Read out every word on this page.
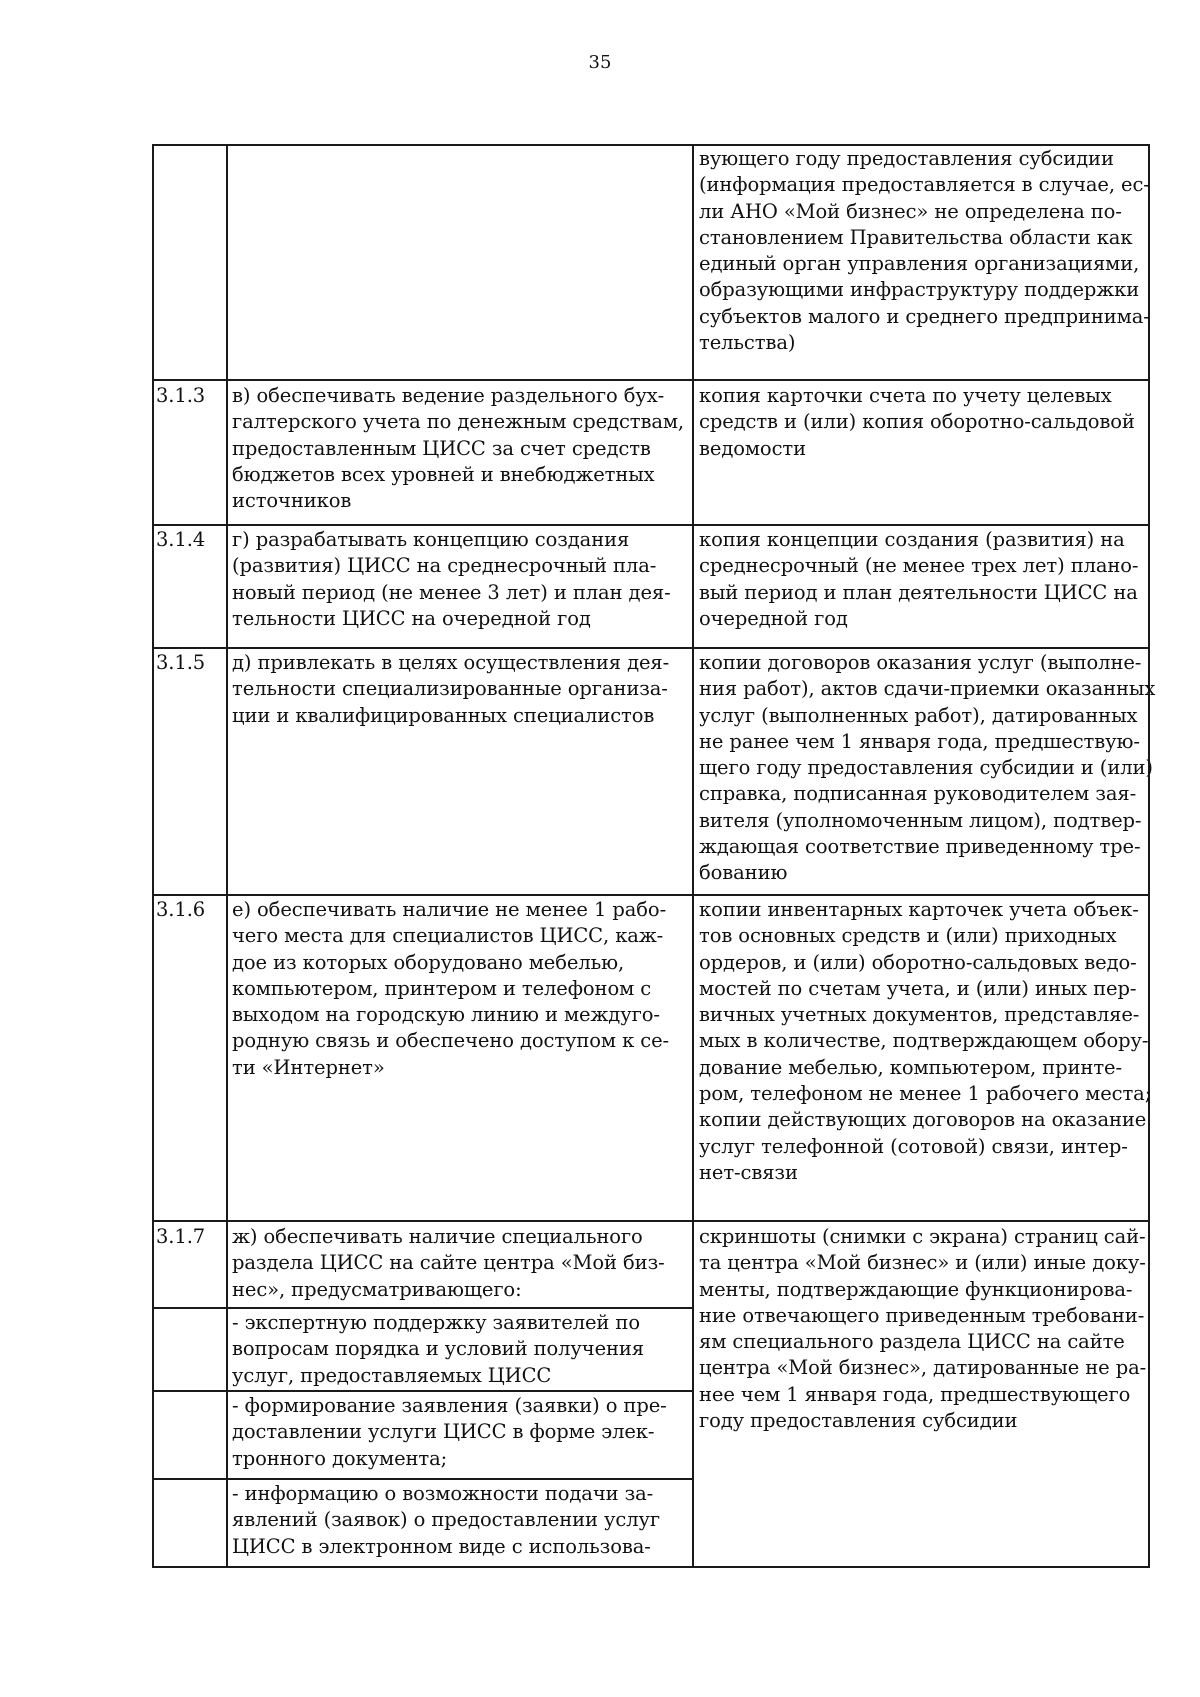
35
вующего году предоставления субсидии
(информация предоставляется в случае, ес-
ли АНО «Мой бизнес» не определена по-
становлением Правительства области как
единый орган управления организациями,
образующими инфраструктуру поддержки
субъектов малого и среднего предпринима-
тельства)
3.1.3 в) обеспечивать ведение раздельного бух-
галтерского учета по денежным средствам,
предоставленным ЦИСС за счет средств
бюджетов всех уровней и внебюджетных
источников
копия карточки счета по учету целевых
средств и (или) копия оборотно-сальдовой
ведомости
3.1.4 г) разрабатывать концепцию создания
(развития) ЦИСС на среднесрочный пла-
новый период (не менее 3 лет) и план дея-
тельности ЦИСС на очередной год
копия концепции создания (развития) на
среднесрочный (не менее трех лет) плано-
вый период и план деятельности ЦИСС на
очередной год
3.1.5 д) привлекать в целях осуществления дея-
тельности специализированные организа-
ции и квалифицированных специалистов
копии договоров оказания услуг (выполне-
ния работ), актов сдачи-приемки оказанных
услуг (выполненных работ), датированных
не ранее чем 1 января года, предшествую-
щего году предоставления субсидии и (или)
справка, подписанная руководителем зая-
вителя (уполномоченным лицом), подтвер-
ждающая соответствие приведенному тре-
бованию
3.1.6 е) обеспечивать наличие не менее 1 рабо-
чего места для специалистов ЦИСС, каж-
дое из которых оборудовано мебелью,
компьютером, принтером и телефоном с
выходом на городскую линию и междуго-
родную связь и обеспечено доступом к се-
ти «Интернет»
копии инвентарных карточек учета объек-
тов основных средств и (или) приходных
ордеров, и (или) оборотно-сальдовых ведо-
мостей по счетам учета, и (или) иных пер-
вичных учетных документов, представляе-
мых в количестве, подтверждающем обору-
дование мебелью, компьютером, принте-
ром, телефоном не менее 1 рабочего места;
копии действующих договоров на оказание
услуг телефонной (сотовой) связи, интер-
нет-связи
3.1.7 ж) обеспечивать наличие специального
раздела ЦИСС на сайте центра «Мой биз-
нес», предусматривающего:
скриншоты (снимки с экрана) страниц сай-
та центра «Мой бизнес» и (или) иные доку-
менты, подтверждающие функционирова-
ние отвечающего приведенным требовани-
ям специального раздела ЦИСС на сайте
центра «Мой бизнес», датированные не ра-
нее чем 1 января года, предшествующего
году предоставления субсидии
- экспертную поддержку заявителей по
вопросам порядка и условий получения
услуг, предоставляемых ЦИСС
- формирование заявления (заявки) о пре-
доставлении услуги ЦИСС в форме элек-
тронного документа;
- информацию о возможности подачи за-
явлений (заявок) о предоставлении услуг
ЦИСС в электронном виде с использова-
